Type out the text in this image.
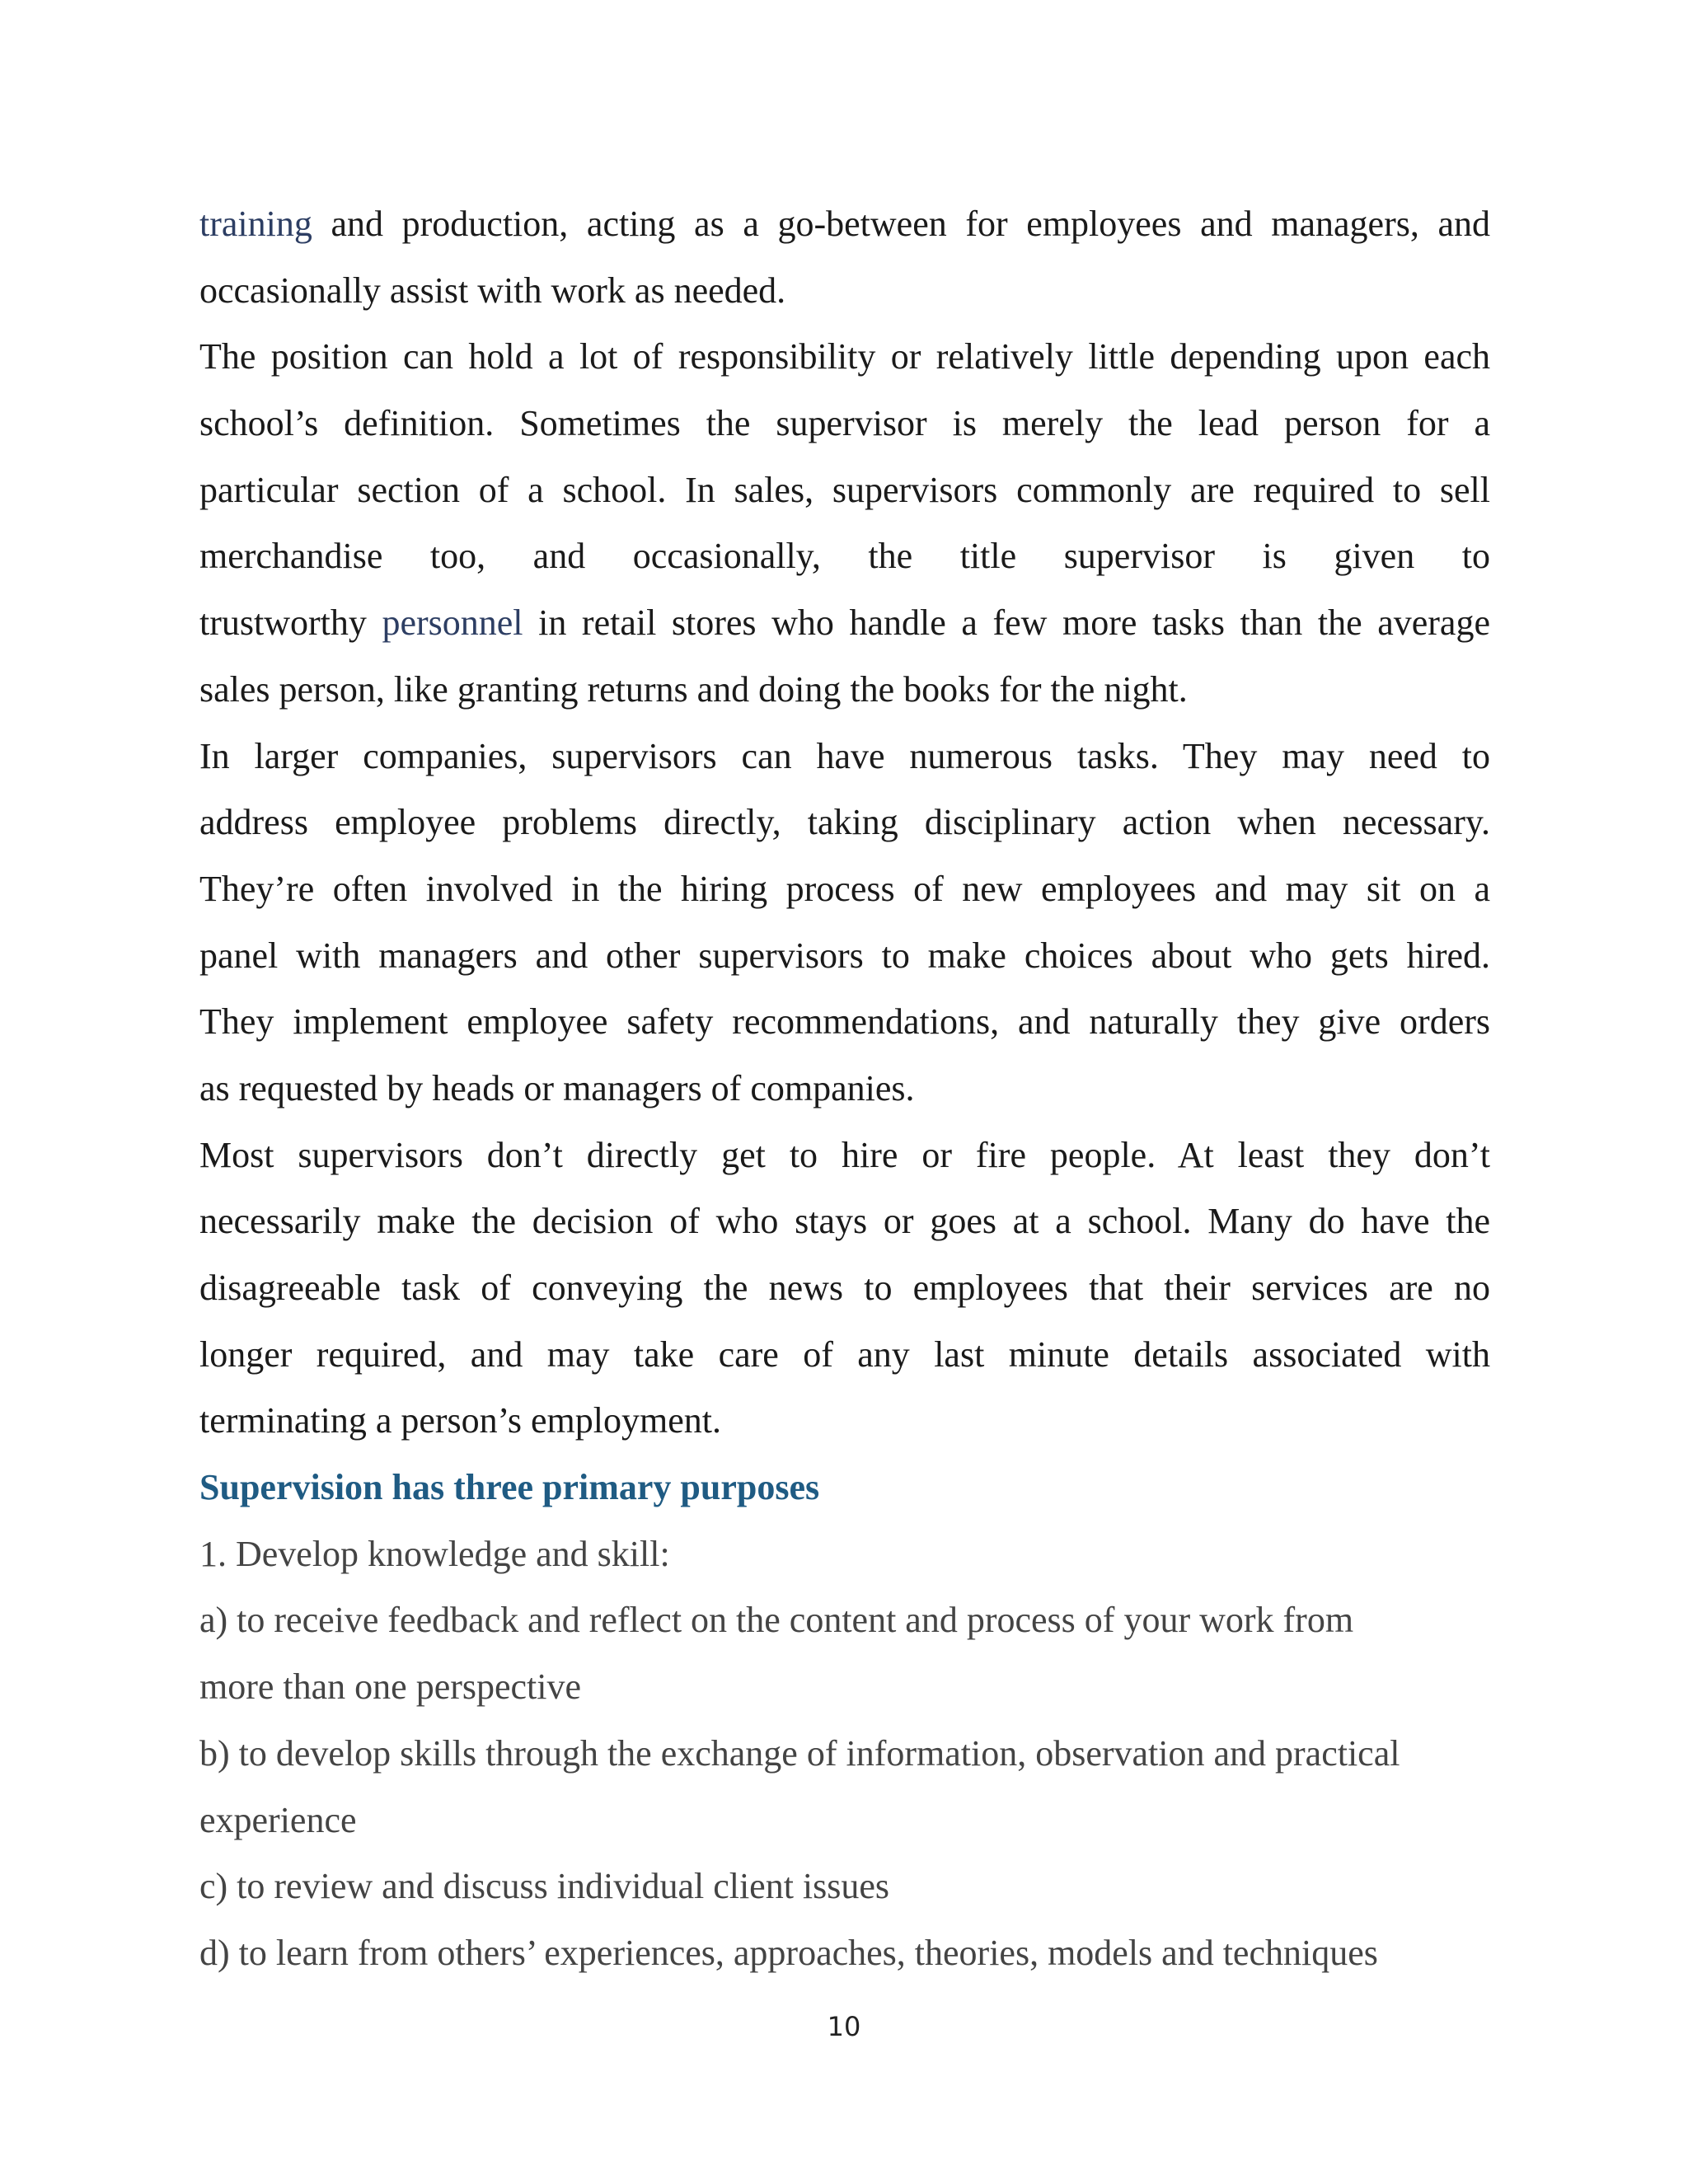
training and production, acting as a go-between for employees and managers, and
occasionally assist with work as needed.
The position can hold a lot of responsibility or relatively little depending upon each
school’s definition. Sometimes the supervisor is merely the lead person for a
particular section of a school. In sales, supervisors commonly are required to sell
merchandise too, and occasionally, the title supervisor is given to
trustworthy personnel in retail stores who handle a few more tasks than the average
sales person, like granting returns and doing the books for the night.
In larger companies, supervisors can have numerous tasks. They may need to
address employee problems directly, taking disciplinary action when necessary.
They’re often involved in the hiring process of new employees and may sit on a
panel with managers and other supervisors to make choices about who gets hired.
They implement employee safety recommendations, and naturally they give orders
as requested by heads or managers of companies.
Most supervisors don’t directly get to hire or fire people. At least they don’t
necessarily make the decision of who stays or goes at a school. Many do have the
disagreeable task of conveying the news to employees that their services are no
longer required, and may take care of any last minute details associated with
terminating a person’s employment.
Supervision has three primary purposes
1. Develop knowledge and skill:
a) to receive feedback and reflect on the content and process of your work from
more than one perspective
b) to develop skills through the exchange of information, observation and practical
experience
c) to review and discuss individual client issues
d) to learn from others’ experiences, approaches, theories, models and techniques
10
